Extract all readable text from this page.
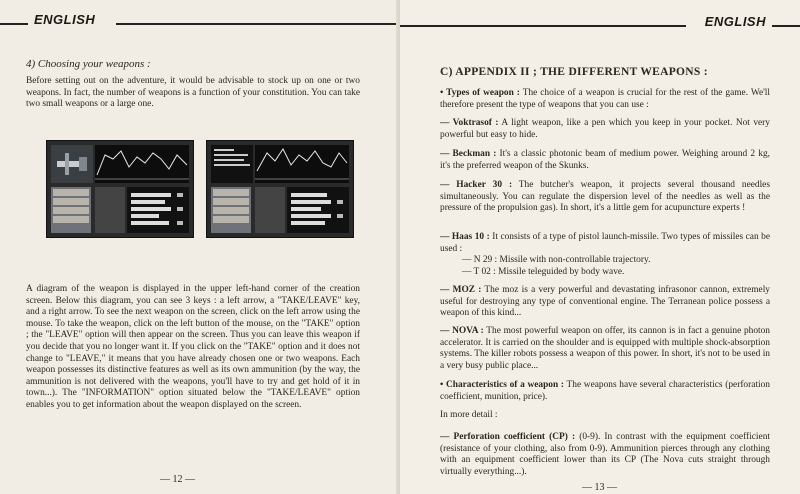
ENGLISH
4) Choosing your weapons :
Before setting out on the adventure, it would be advisable to stock up on one or two weapons. In fact, the number of weapons is a function of your constitution. You can take two small weapons or a large one.
A diagram of the weapon is displayed in the upper left-hand corner of the creation screen. Below this diagram, you can see 3 keys : a left arrow, a "TAKE/LEAVE" key, and a right arrow. To see the next weapon on the screen, click on the left arrow using the mouse. To take the weapon, click on the left button of the mouse, on the "TAKE" option ; the "LEAVE" option will then appear on the screen. Thus you can leave this weapon if you decide that you no longer want it. If you click on the "TAKE" option and it does not change to "LEAVE," it means that you have already chosen one or two weapons. Each weapon possesses its distinctive features as well as its own ammunition (by the way, the ammunition is not delivered with the weapons, you'll have to try and get hold of it in town...). The "INFORMATION" option situated below the "TAKE/LEAVE" option enables you to get information about the weapon displayed on the screen.
— 12 —
ENGLISH
C) APPENDIX II ; THE DIFFERENT WEAPONS :
• Types of weapon : The choice of a weapon is crucial for the rest of the game. We'll therefore present the type of weapons that you can use :
— Voktrasof : A light weapon, like a pen which you keep in your pocket. Not very powerful but easy to hide.
— Beckman : It's a classic photonic beam of medium power. Weighing around 2 kg, it's the preferred weapon of the Skunks.
— Hacker 30 : The butcher's weapon, it projects several thousand needles simultaneously. You can regulate the dispersion level of the needles as well as the pressure of the propulsion gas). In short, it's a little gem for acupuncture experts !
— Haas 10 : It consists of a type of pistol launch-missile. Two types of missiles can be used :
— N 29 : Missile with non-controllable trajectory.
— T 02 : Missile teleguided by body wave.
— MOZ : The moz is a very powerful and devastating infrasonor cannon, extremely useful for destroying any type of conventional engine. The Terranean police possess a weapon of this kind...
— NOVA : The most powerful weapon on offer, its cannon is in fact a genuine photon accelerator. It is carried on the shoulder and is equipped with multiple shock-absorption systems. The killer robots possess a weapon of this power. In short, it's not to be used in a very busy public place...
• Characteristics of a weapon : The weapons have several characteristics (perforation coefficient, munition, price).
In more detail :
— Perforation coefficient (CP) : (0-9). In contrast with the equipment coefficient (resistance of your clothing, also from 0-9). Ammunition pierces through any clothing with an equipment coefficient lower than its CP (The Nova cuts straight through virtually everything...).
— 13 —
